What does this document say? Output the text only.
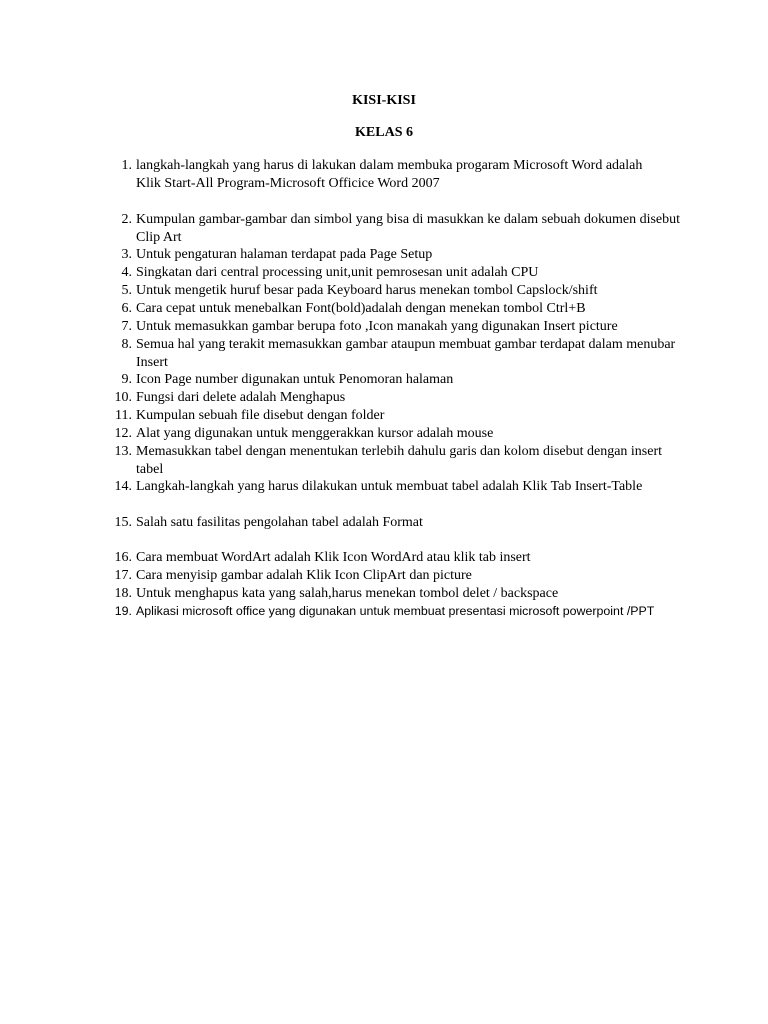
KISI-KISI
KELAS 6
1. langkah-langkah yang harus di lakukan dalam membuka progaram Microsoft Word adalah
Klik Start-All Program-Microsoft Officice Word 2007
2. Kumpulan gambar-gambar dan simbol yang bisa di masukkan ke dalam sebuah dokumen disebut Clip Art
3. Untuk pengaturan halaman terdapat pada Page Setup
4. Singkatan dari central processing unit,unit pemrosesan unit adalah CPU
5. Untuk mengetik huruf besar pada Keyboard harus menekan tombol Capslock/shift
6. Cara cepat untuk menebalkan Font(bold)adalah dengan menekan tombol Ctrl+B
7. Untuk memasukkan gambar berupa foto ,Icon manakah yang digunakan Insert picture
8. Semua hal yang terakit memasukkan gambar ataupun membuat gambar terdapat dalam menubar Insert
9. Icon Page number digunakan untuk Penomoran halaman
10. Fungsi dari delete adalah Menghapus
11. Kumpulan sebuah file disebut dengan folder
12. Alat yang digunakan untuk menggerakkan kursor adalah mouse
13. Memasukkan tabel dengan menentukan terlebih dahulu garis dan kolom disebut dengan insert tabel
14. Langkah-langkah yang harus dilakukan untuk membuat tabel adalah Klik Tab Insert-Table
15. Salah satu fasilitas pengolahan tabel adalah Format
16. Cara membuat WordArt adalah Klik Icon WordArd atau klik tab insert
17. Cara menyisip gambar adalah Klik Icon ClipArt dan picture
18. Untuk menghapus kata yang salah,harus menekan tombol delet / backspace
19. Aplikasi microsoft office yang digunakan untuk membuat presentasi microsoft powerpoint /PPT
